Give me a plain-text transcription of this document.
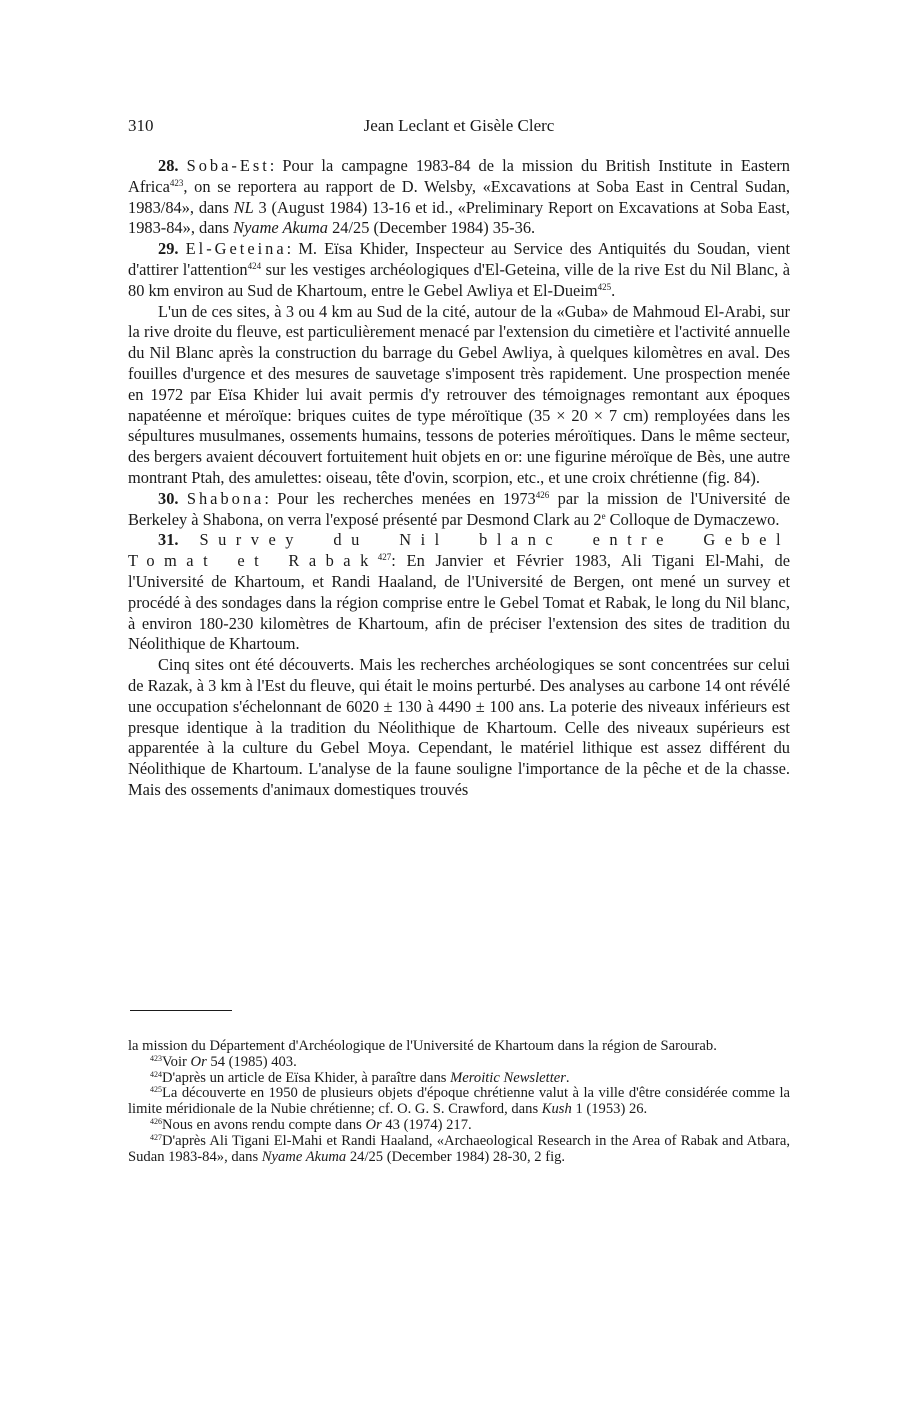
310	Jean Leclant et Gisèle Clerc

28. Soba-Est: Pour la campagne 1983-84 de la mission du British Institute in Eastern Africa$^{423}$, on se reportera au rapport de D. Welsby, «Excavations at Soba East in Central Sudan, 1983/84», dans NL 3 (August 1984) 13-16 et id., «Preliminary Report on Excavations at Soba East, 1983-84», dans Nyame Akuma 24/25 (December 1984) 35-36.

29. El-Geteina: M. Eïsa Khider, Inspecteur au Service des Antiquités du Soudan, vient d'attirer l'attention$^{424}$ sur les vestiges archéologiques d'El-Geteina, ville de la rive Est du Nil Blanc, à 80 km environ au Sud de Khartoum, entre le Gebel Awliya et El-Dueim$^{425}$.

L'un de ces sites, à 3 ou 4 km au Sud de la cité, autour de la «Guba» de Mahmoud El-Arabi, sur la rive droite du fleuve, est particulièrement menacé par l'extension du cimetière et l'activité annuelle du Nil Blanc après la construction du barrage du Gebel Awliya, à quelques kilomètres en aval. Des fouilles d'urgence et des mesures de sauvetage s'imposent très rapidement. Une prospection menée en 1972 par Eïsa Khider lui avait permis d'y retrouver des témoignages remontant aux époques napatéenne et méroïque: briques cuites de type méroïtique (35 × 20 × 7 cm) remployées dans les sépultures musulmanes, ossements humains, tessons de poteries méroïtiques. Dans le même secteur, des bergers avaient découvert fortuitement huit objets en or: une figurine méroïque de Bès, une autre montrant Ptah, des amulettes: oiseau, tête d'ovin, scorpion, etc., et une croix chrétienne (fig. 84).

30. Shabona: Pour les recherches menées en 1973$^{426}$ par la mission de l'Université de Berkeley à Shabona, on verra l'exposé présenté par Desmond Clark au 2e Colloque de Dymaczewo.

31. Survey du Nil blanc entre Gebel Tomat et Rabak$^{427}$: En Janvier et Février 1983, Ali Tigani El-Mahi, de l'Université de Khartoum, et Randi Haaland, de l'Université de Bergen, ont mené un survey et procédé à des sondages dans la région comprise entre le Gebel Tomat et Rabak, le long du Nil blanc, à environ 180-230 kilomètres de Khartoum, afin de préciser l'extension des sites de tradition du Néolithique de Khartoum.

Cinq sites ont été découverts. Mais les recherches archéologiques se sont concentrées sur celui de Razak, à 3 km à l'Est du fleuve, qui était le moins perturbé. Des analyses au carbone 14 ont révélé une occupation s'échelonnant de 6020 ± 130 à 4490 ± 100 ans. La poterie des niveaux inférieurs est presque identique à la tradition du Néolithique de Khartoum. Celle des niveaux supérieurs est apparentée à la culture du Gebel Moya. Cependant, le matériel lithique est assez différent du Néolithique de Khartoum. L'analyse de la faune souligne l'importance de la pêche et de la chasse. Mais des ossements d'animaux domestiques trouvés

la mission du Département d'Archéologique de l'Université de Khartoum dans la région de Sarourab.

$^{423}$Voir Or 54 (1985) 403.

$^{424}$D'après un article de Eïsa Khider, à paraître dans Meroitic Newsletter.

$^{425}$La découverte en 1950 de plusieurs objets d'époque chrétienne valut à la ville d'être considérée comme la limite méridionale de la Nubie chrétienne; cf. O. G. S. Crawford, dans Kush 1 (1953) 26.

$^{426}$Nous en avons rendu compte dans Or 43 (1974) 217.

$^{427}$D'après Ali Tigani El-Mahi et Randi Haaland, «Archaeological Research in the Area of Rabak and Atbara, Sudan 1983-84», dans Nyame Akuma 24/25 (December 1984) 28-30, 2 fig.
